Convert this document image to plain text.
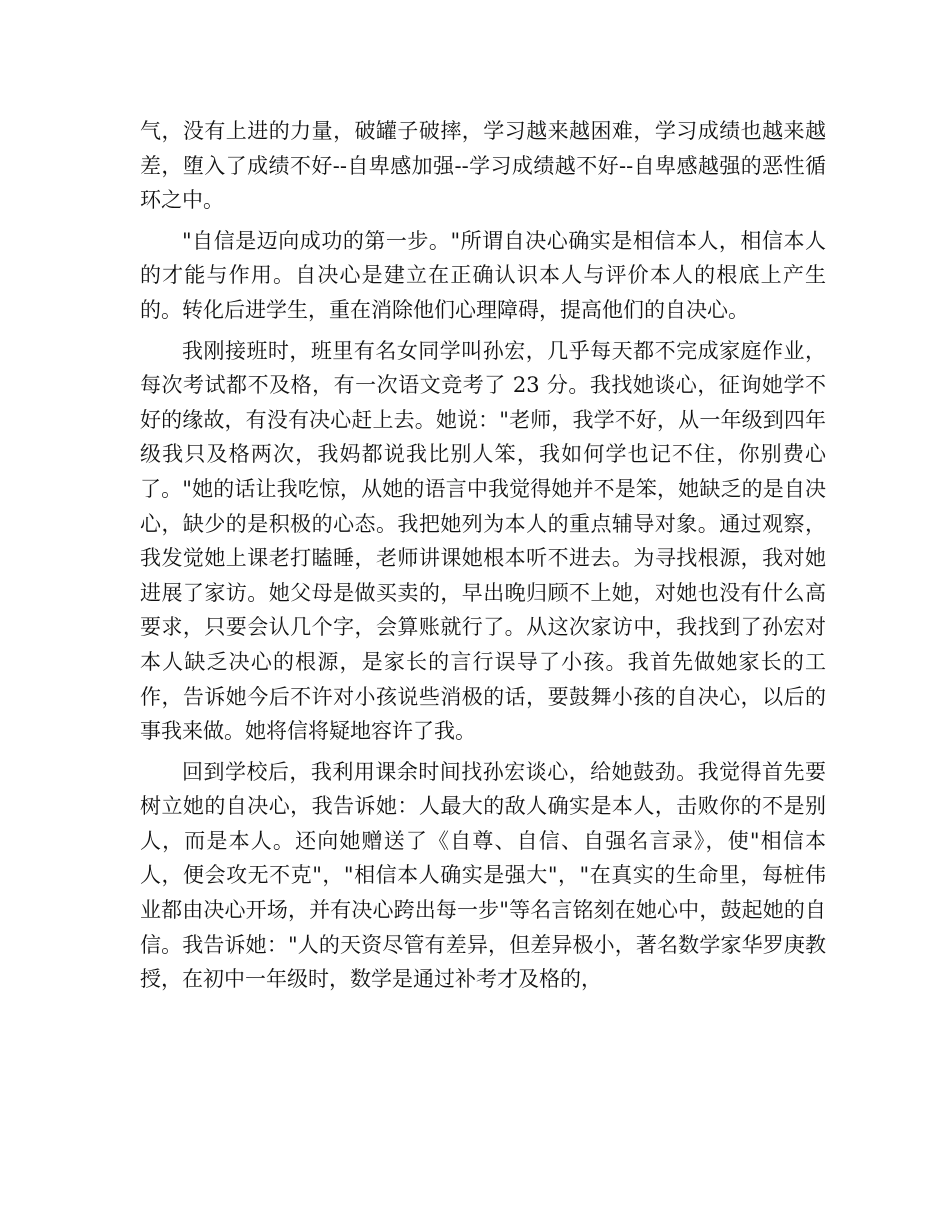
气，没有上进的力量，破罐子破摔，学习越来越困难，学习成绩也越来越差，堕入了成绩不好--自卑感加强--学习成绩越不好--自卑感越强的恶性循环之中。

"自信是迈向成功的第一步。"所谓自决心确实是相信本人，相信本人的才能与作用。自决心是建立在正确认识本人与评价本人的根底上产生的。转化后进学生，重在消除他们心理障碍，提高他们的自决心。

我刚接班时，班里有名女同学叫孙宏，几乎每天都不完成家庭作业，每次考试都不及格，有一次语文竞考了 23 分。我找她谈心，征询她学不好的缘故，有没有决心赶上去。她说："老师，我学不好，从一年级到四年级我只及格两次，我妈都说我比别人笨，我如何学也记不住，你别费心了。"她的话让我吃惊，从她的语言中我觉得她并不是笨，她缺乏的是自决心，缺少的是积极的心态。我把她列为本人的重点辅导对象。通过观察，我发觉她上课老打瞌睡，老师讲课她根本听不进去。为寻找根源，我对她进展了家访。她父母是做买卖的，早出晚归顾不上她，对她也没有什么高要求，只要会认几个字，会算账就行了。从这次家访中，我找到了孙宏对本人缺乏决心的根源，是家长的言行误导了小孩。我首先做她家长的工作，告诉她今后不许对小孩说些消极的话，要鼓舞小孩的自决心，以后的事我来做。她将信将疑地容许了我。

回到学校后，我利用课余时间找孙宏谈心，给她鼓劲。我觉得首先要树立她的自决心，我告诉她：人最大的敌人确实是本人，击败你的不是别人，而是本人。还向她赠送了《自尊、自信、自强名言录》，使"相信本人，便会攻无不克"，"相信本人确实是强大"，"在真实的生命里，每桩伟业都由决心开场，并有决心跨出每一步"等名言铭刻在她心中，鼓起她的自信。我告诉她："人的天资尽管有差异，但差异极小，著名数学家华罗庚教授，在初中一年级时，数学是通过补考才及格的，
